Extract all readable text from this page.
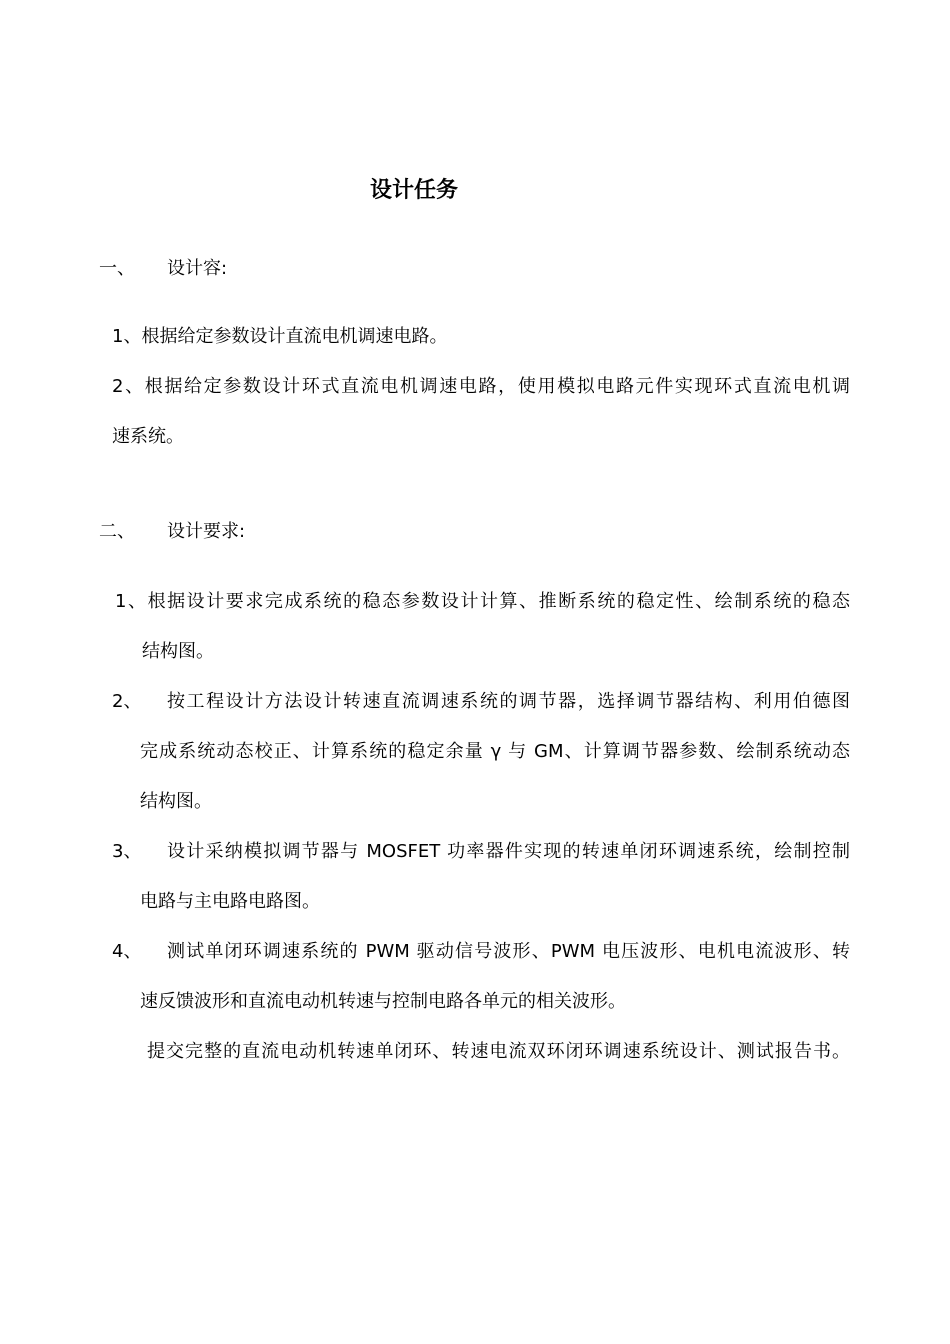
设计任务
一、 设计容:
1、根据给定参数设计直流电机调速电路。
2、根据给定参数设计环式直流电机调速电路，使用模拟电路元件实现环式直流电机调
速系统。
二、 设计要求:
1、根据设计要求完成系统的稳态参数设计计算、推断系统的稳定性、绘制系统的稳态
结构图。
2、 按工程设计方法设计转速直流调速系统的调节器，选择调节器结构、利用伯德图
完成系统动态校正、计算系统的稳定余量 γ 与 GM、计算调节器参数、绘制系统动态
结构图。
3、 设计采纳模拟调节器与 MOSFET 功率器件实现的转速单闭环调速系统，绘制控制
电路与主电路电路图。
4、 测试单闭环调速系统的 PWM 驱动信号波形、PWM 电压波形、电机电流波形、转
速反馈波形和直流电动机转速与控制电路各单元的相关波形。
提交完整的直流电动机转速单闭环、转速电流双环闭环调速系统设计、测试报告书。
